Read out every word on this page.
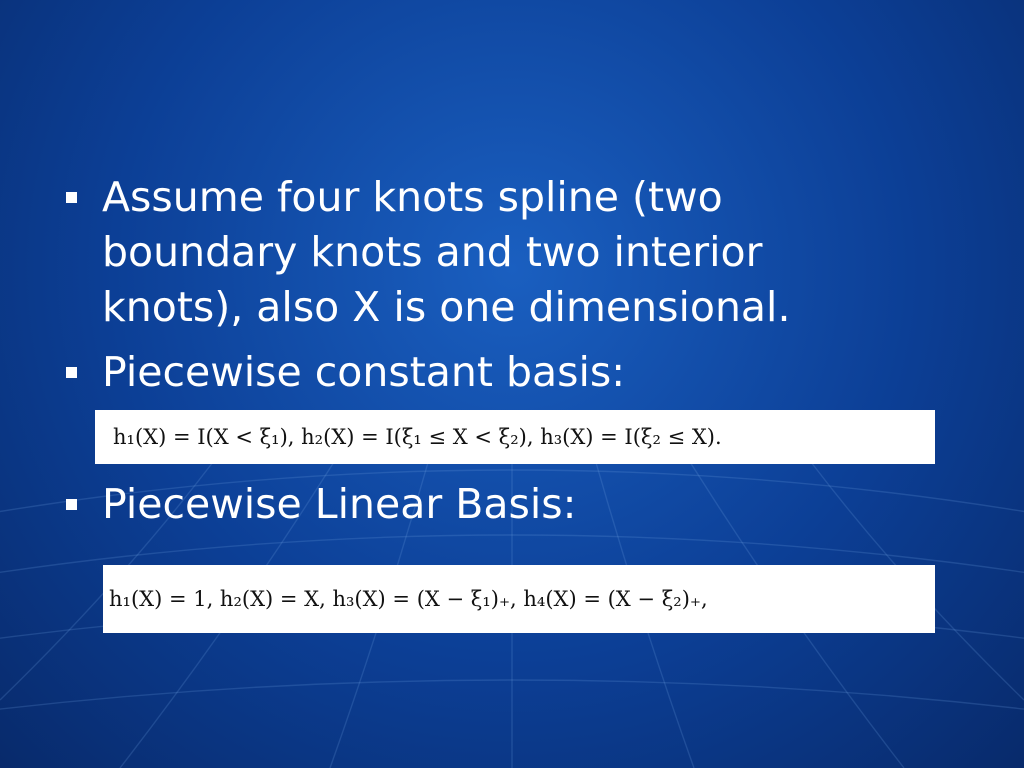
Assume four knots spline (two
boundary knots and two interior
knots), also X is one dimensional.
Piecewise constant basis:
h₁(X) = I(X < ξ₁), h₂(X) = I(ξ₁ ≤ X < ξ₂), h₃(X) = I(ξ₂ ≤ X).
Piecewise Linear Basis:
h₁(X) = 1, h₂(X) = X, h₃(X) = (X − ξ₁)₊, h₄(X) = (X − ξ₂)₊,
